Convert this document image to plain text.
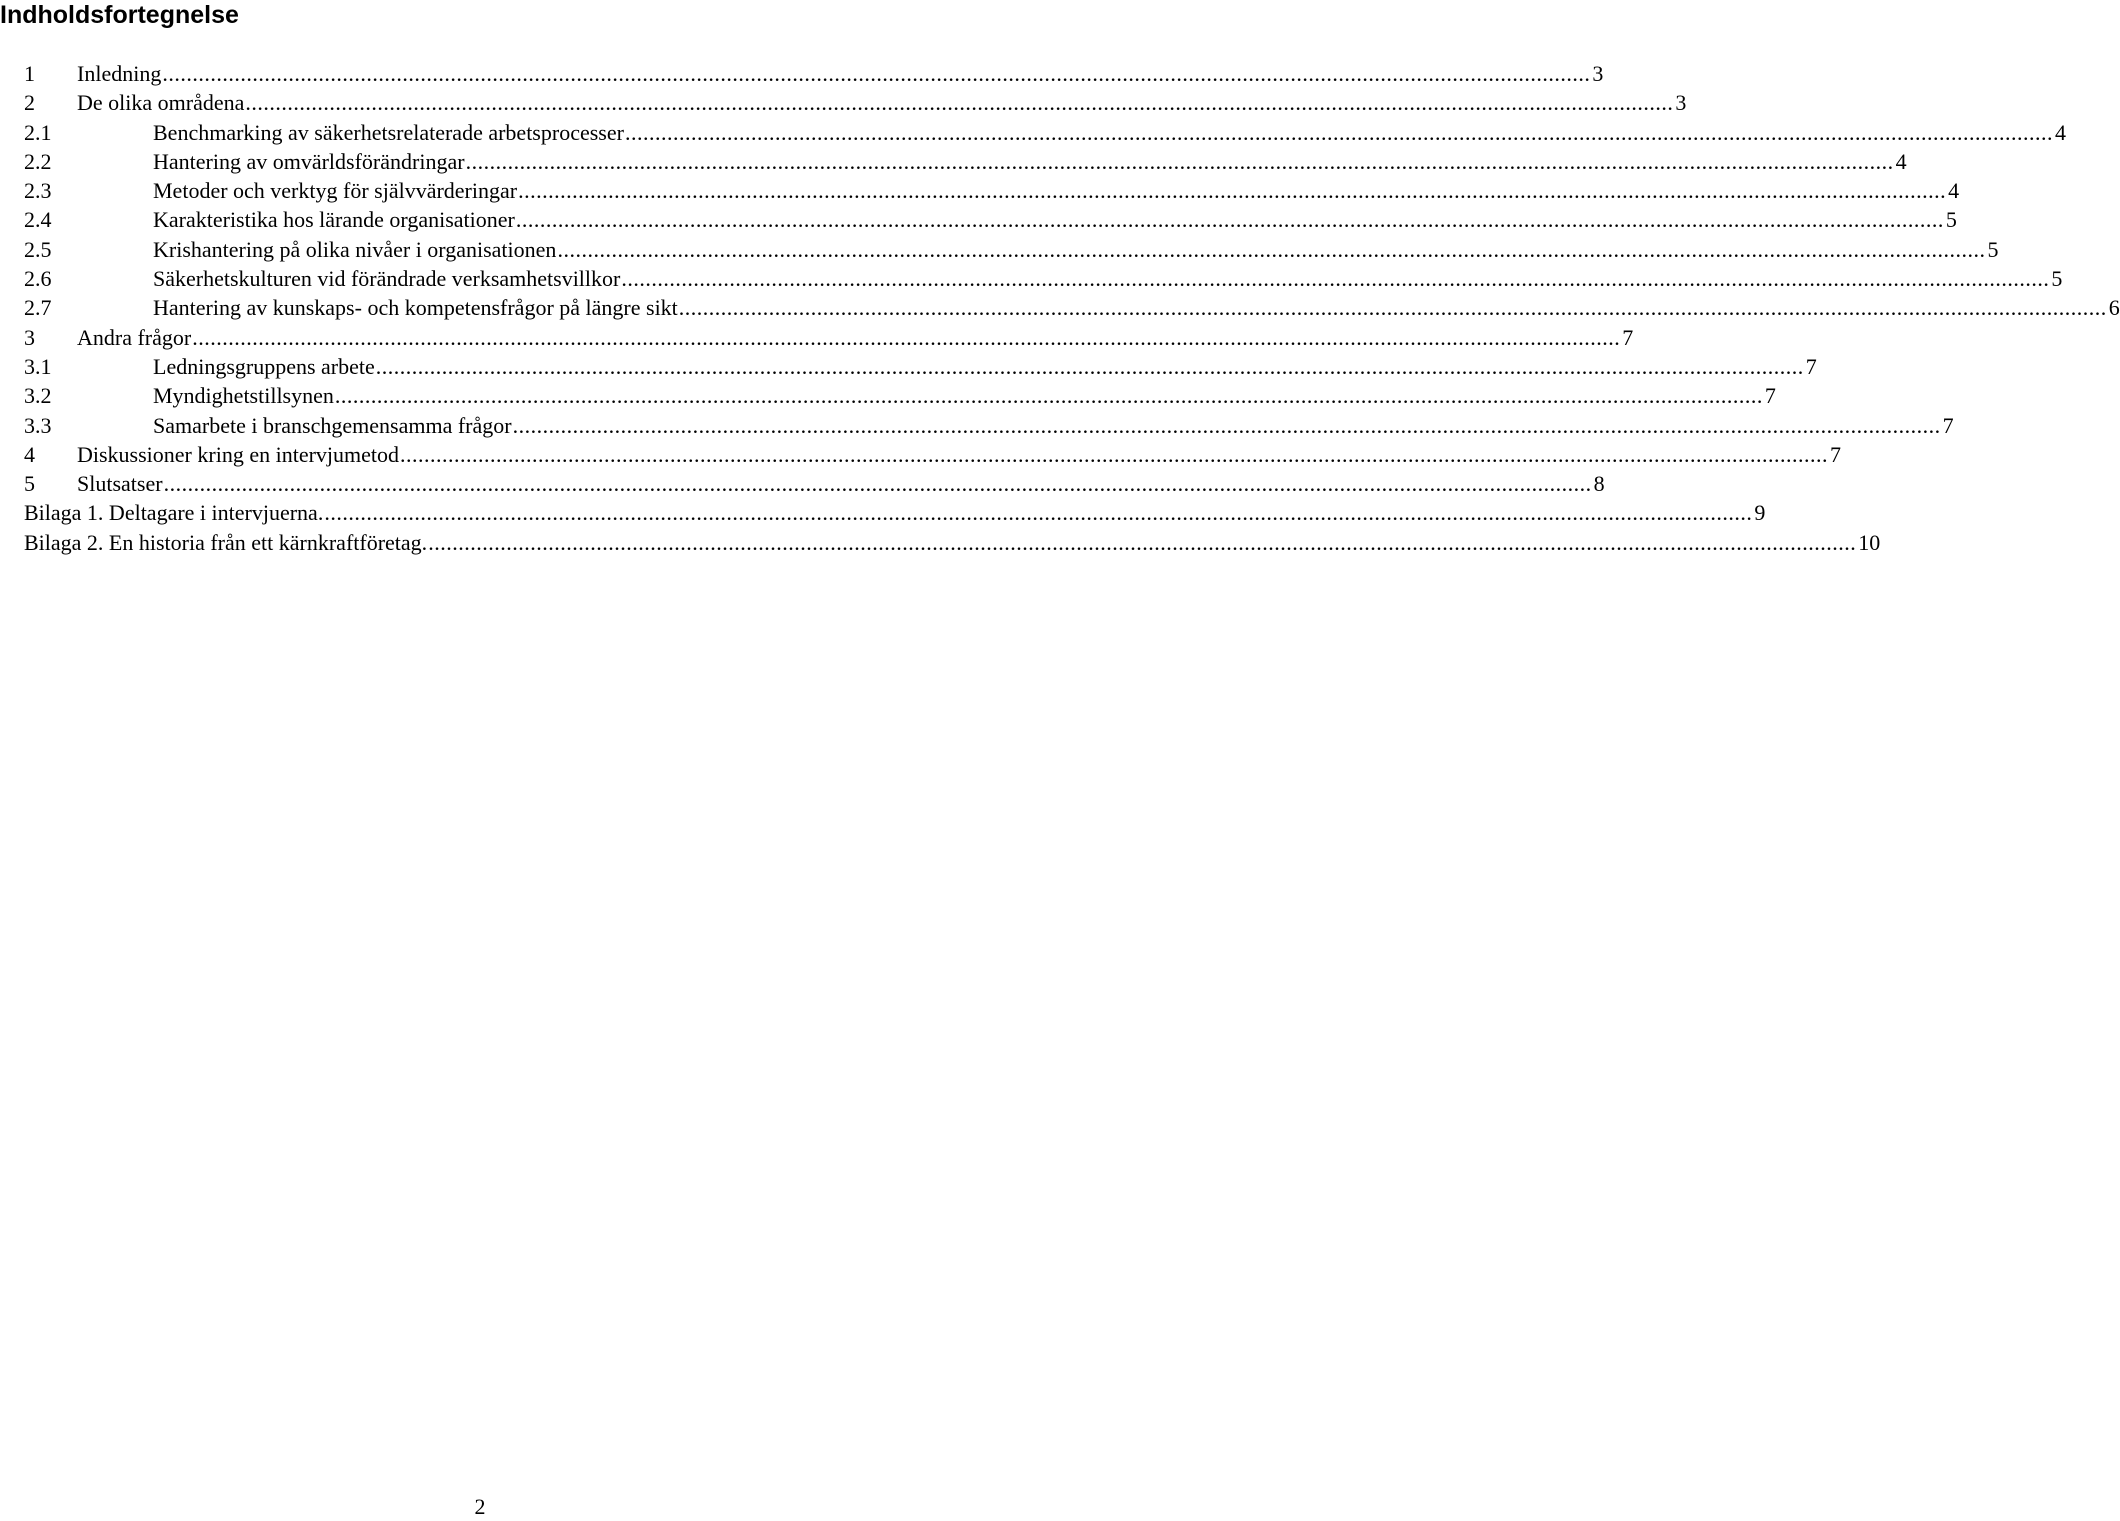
Indholdsfortegnelse
1	Inledning .....	3
2	De olika områdena .....	3
2.1	Benchmarking av säkerhetsrelaterade arbetsprocesser .....	4
2.2	Hantering av omvärldsförändringar .....	4
2.3	Metoder och verktyg för självvärderingar .....	4
2.4	Karakteristika hos lärande organisationer .....	5
2.5	Krishantering på olika nivåer i organisationen .....	5
2.6	Säkerhetskulturen vid förändrade verksamhetsvillkor .....	5
2.7	Hantering av kunskaps- och kompetensfrågor på längre sikt .....	6
3	Andra frågor .....	7
3.1	Ledningsgruppens arbete .....	7
3.2	Myndighetstillsynen .....	7
3.3	Samarbete i branschgemensamma frågor .....	7
4	Diskussioner kring en intervjumetod .....	7
5	Slutsatser .....	8
Bilaga 1. Deltagare i intervjuerna. .....	9
Bilaga 2. En historia från ett kärnkraftföretag. .....	10
2
